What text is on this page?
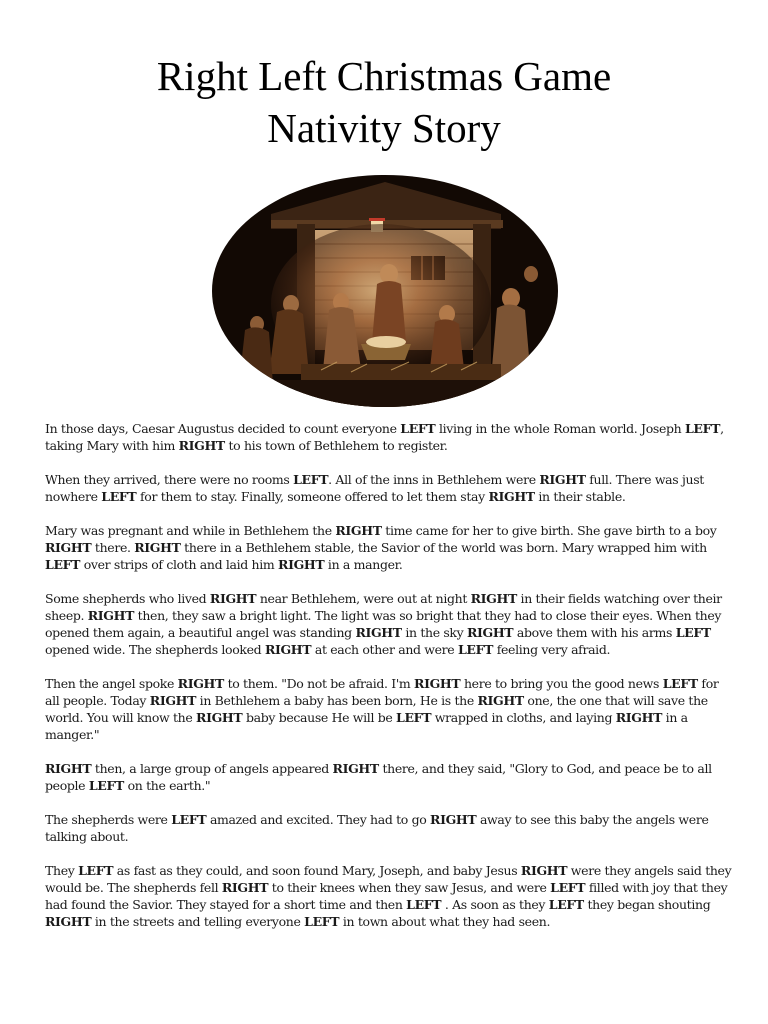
Right Left Christmas Game
Nativity Story

In those days, Caesar Augustus decided to count everyone LEFT living in the whole Roman world. Joseph LEFT, taking Mary with him RIGHT to his town of Bethlehem to register.

When they arrived, there were no rooms LEFT. All of the inns in Bethlehem were RIGHT full. There was just nowhere LEFT for them to stay. Finally, someone offered to let them stay RIGHT in their stable.

Mary was pregnant and while in Bethlehem the RIGHT time came for her to give birth. She gave birth to a boy RIGHT there. RIGHT there in a Bethlehem stable, the Savior of the world was born. Mary wrapped him with LEFT over strips of cloth and laid him RIGHT in a manger.

Some shepherds who lived RIGHT near Bethlehem, were out at night RIGHT in their fields watching over their sheep. RIGHT then, they saw a bright light. The light was so bright that they had to close their eyes. When they opened them again, a beautiful angel was standing RIGHT in the sky RIGHT above them with his arms LEFT opened wide. The shepherds looked RIGHT at each other and were LEFT feeling very afraid.

Then the angel spoke RIGHT to them. "Do not be afraid. I'm RIGHT here to bring you the good news LEFT for all people. Today RIGHT in Bethlehem a baby has been born, He is the RIGHT one, the one that will save the world. You will know the RIGHT baby because He will be LEFT wrapped in cloths, and laying RIGHT in a manger."

RIGHT then, a large group of angels appeared RIGHT there, and they said, "Glory to God, and peace be to all people LEFT on the earth."

The shepherds were LEFT amazed and excited. They had to go RIGHT away to see this baby the angels were talking about.

They LEFT as fast as they could, and soon found Mary, Joseph, and baby Jesus RIGHT were they angels said they would be. The shepherds fell RIGHT to their knees when they saw Jesus, and were LEFT filled with joy that they had found the Savior. They stayed for a short time and then LEFT . As soon as they LEFT they began shouting RIGHT in the streets and telling everyone LEFT in town about what they had seen.
